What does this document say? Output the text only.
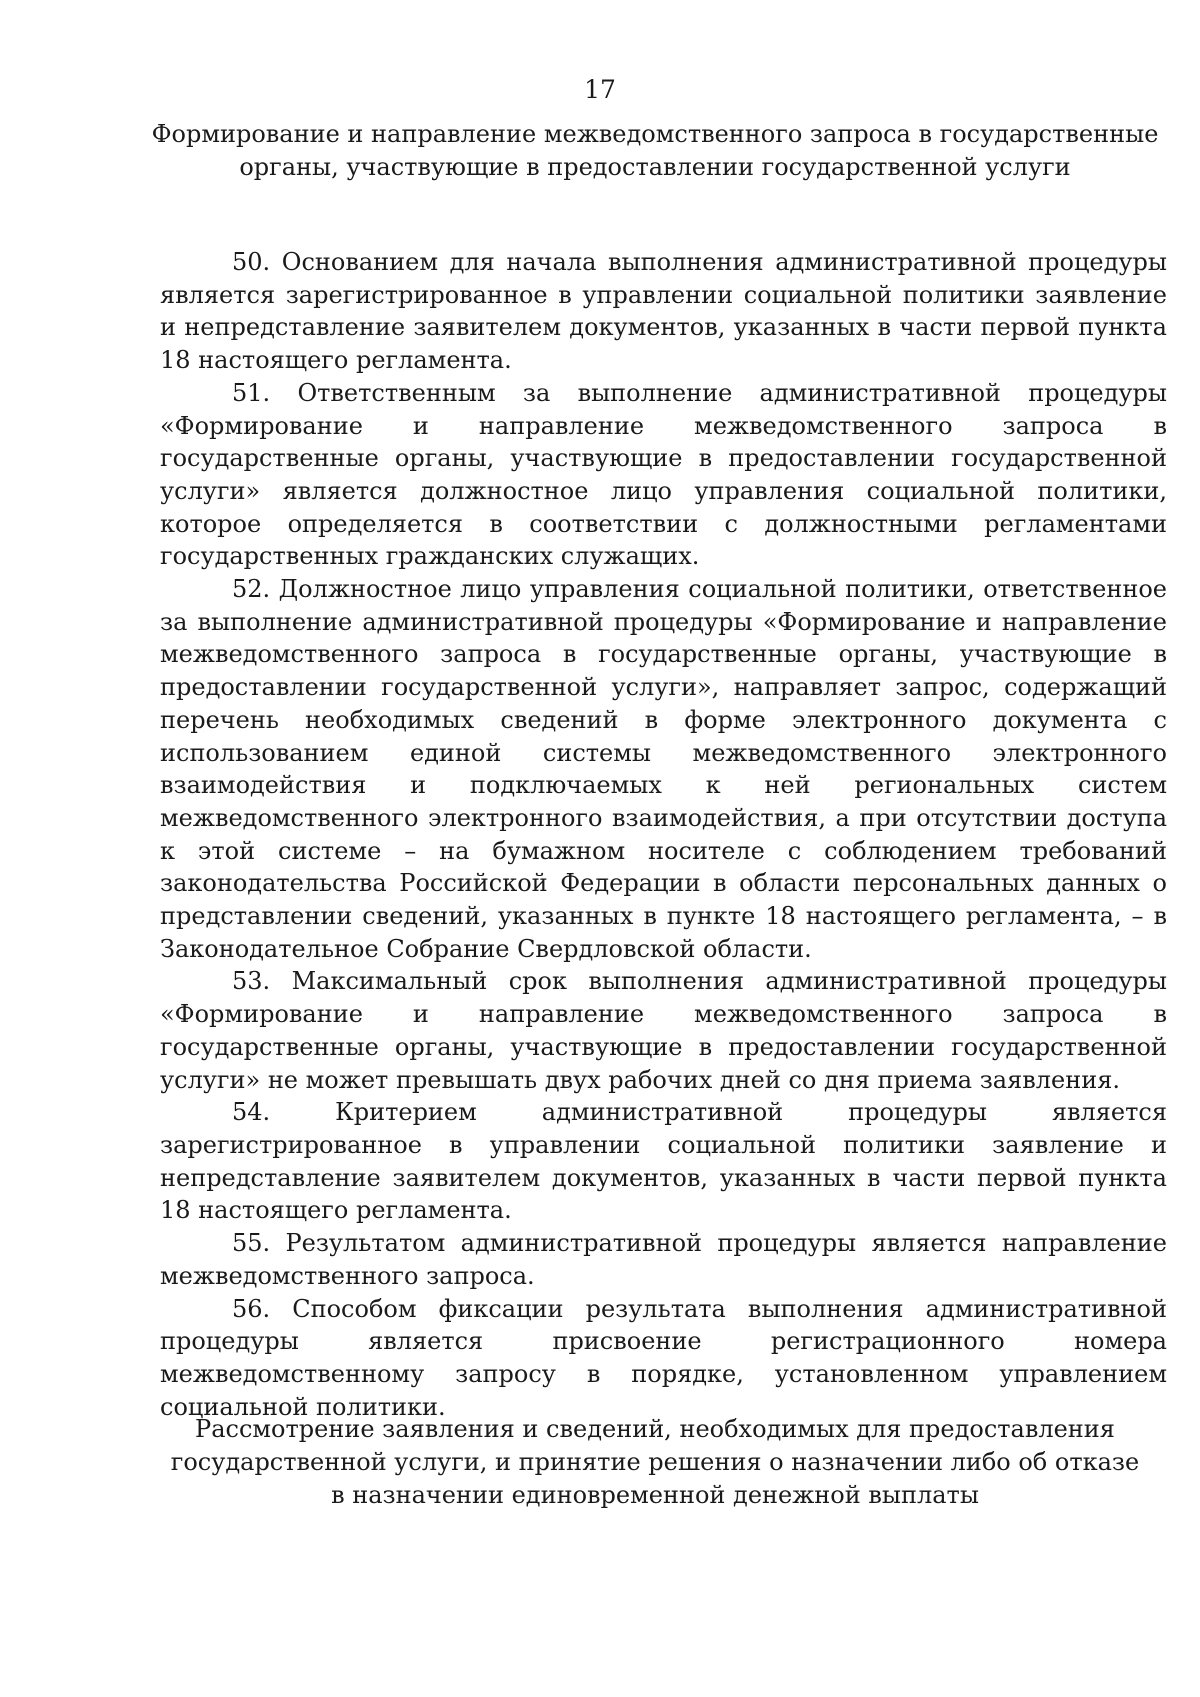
17
Формирование и направление межведомственного запроса в государственные
органы, участвующие в предоставлении государственной услуги

50. Основанием для начала выполнения административной процедуры является зарегистрированное в управлении социальной политики заявление и непредставление заявителем документов, указанных в части первой пункта 18 настоящего регламента.

51. Ответственным за выполнение административной процедуры «Формирование и направление межведомственного запроса в государственные органы, участвующие в предоставлении государственной услуги» является должностное лицо управления социальной политики, которое определяется в соответствии с должностными регламентами государственных гражданских служащих.

52. Должностное лицо управления социальной политики, ответственное за выполнение административной процедуры «Формирование и направление межведомственного запроса в государственные органы, участвующие в предоставлении государственной услуги», направляет запрос, содержащий перечень необходимых сведений в форме электронного документа с использованием единой системы межведомственного электронного взаимодействия и подключаемых к ней региональных систем межведомственного электронного взаимодействия, а при отсутствии доступа к этой системе – на бумажном носителе с соблюдением требований законодательства Российской Федерации в области персональных данных о представлении сведений, указанных в пункте 18 настоящего регламента, – в Законодательное Собрание Свердловской области.

53. Максимальный срок выполнения административной процедуры «Формирование и направление межведомственного запроса в государственные органы, участвующие в предоставлении государственной услуги» не может превышать двух рабочих дней со дня приема заявления.

54.	Критерием административной процедуры является зарегистрированное в управлении социальной политики заявление и непредставление заявителем документов, указанных в части первой пункта 18 настоящего регламента.

55. Результатом административной процедуры является направление межведомственного запроса.

56. Способом фиксации результата выполнения административной процедуры является присвоение регистрационного номера межведомственному запросу в порядке, установленном управлением социальной политики.

Рассмотрение заявления и сведений, необходимых для предоставления
государственной услуги, и принятие решения о назначении либо об отказе
в назначении единовременной денежной выплаты
